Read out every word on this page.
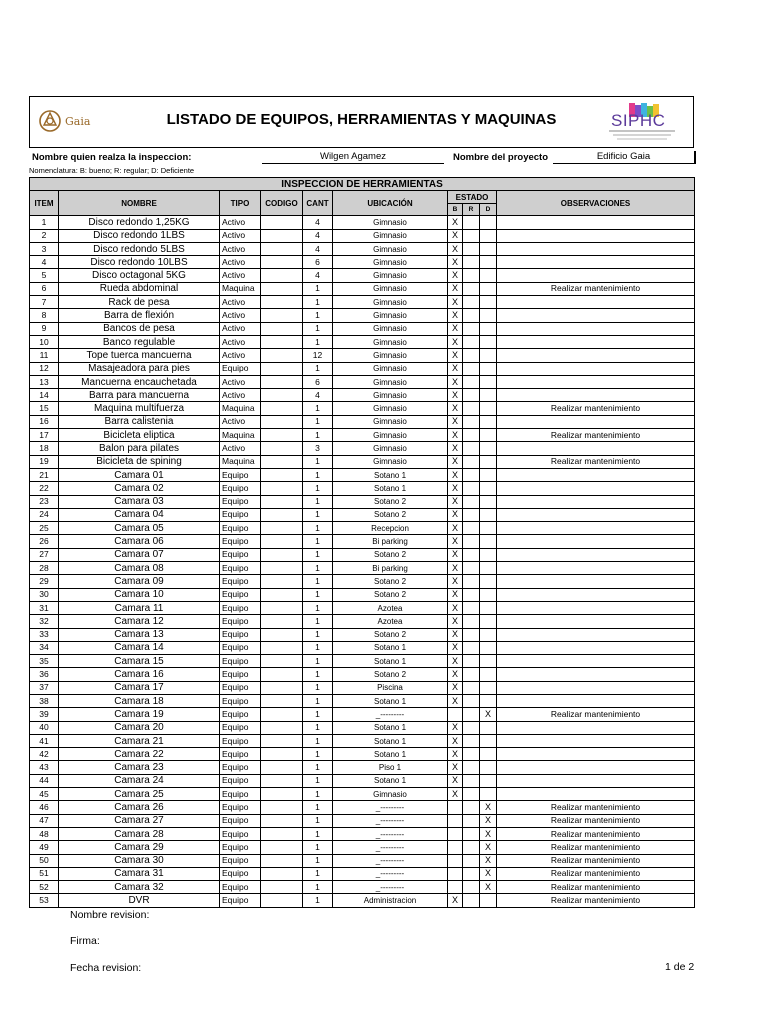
Gaia	LISTADO DE EQUIPOS, HERRAMIENTAS Y MAQUINAS	SIPHC
Nombre quien realza la inspeccion:	Wilgen Agamez	Nombre del proyecto	Edificio Gaia
Nomenclatura: B: bueno; R: regular; D: Deficiente
INSPECCION DE HERRAMIENTAS									
ITEM	NOMBRE	TIPO	CODIGO	CANT	UBICACIÓN	ESTADO			OBSERVACIONES
						B	R	D	
1	Disco redondo 1,25KG	Activo		4	Gimnasio	X			
2	Disco redondo 1LBS	Activo		4	Gimnasio	X			
3	Disco redondo 5LBS	Activo		4	Gimnasio	X			
4	Disco redondo 10LBS	Activo		6	Gimnasio	X			
5	Disco octagonal 5KG	Activo		4	Gimnasio	X			
6	Rueda abdominal	Maquina		1	Gimnasio	X			Realizar mantenimiento
7	Rack de pesa	Activo		1	Gimnasio	X			
8	Barra de flexión	Activo		1	Gimnasio	X			
9	Bancos de pesa	Activo		1	Gimnasio	X			
10	Banco regulable	Activo		1	Gimnasio	X			
11	Tope tuerca mancuerna	Activo		12	Gimnasio	X			
12	Masajeadora para pies	Equipo		1	Gimnasio	X			
13	Mancuerna encauchetada	Activo		6	Gimnasio	X			
14	Barra para mancuerna	Activo		4	Gimnasio	X			
15	Maquina multifuerza	Maquina		1	Gimnasio	X			Realizar mantenimiento
16	Barra calistenia	Activo		1	Gimnasio	X			
17	Bicicleta eliptica	Maquina		1	Gimnasio	X			Realizar mantenimiento
18	Balon para pilates	Activo		3	Gimnasio	X			
19	Bicicleta de spining	Maquina		1	Gimnasio	X			Realizar mantenimiento
21	Camara 01	Equipo		1	Sotano 1	X			
22	Camara 02	Equipo		1	Sotano 1	X			
23	Camara 03	Equipo		1	Sotano 2	X			
24	Camara 04	Equipo		1	Sotano 2	X			
25	Camara 05	Equipo		1	Recepcion	X			
26	Camara 06	Equipo		1	Bi parking	X			
27	Camara 07	Equipo		1	Sotano 2	X			
28	Camara 08	Equipo		1	Bi parking	X			
29	Camara 09	Equipo		1	Sotano 2	X			
30	Camara 10	Equipo		1	Sotano 2	X			
31	Camara 11	Equipo		1	Azotea	X			
32	Camara 12	Equipo		1	Azotea	X			
33	Camara 13	Equipo		1	Sotano 2	X			
34	Camara 14	Equipo		1	Sotano 1	X			
35	Camara 15	Equipo		1	Sotano 1	X			
36	Camara 16	Equipo		1	Sotano 2	X			
37	Camara 17	Equipo		1	Piscina	X			
38	Camara 18	Equipo		1	Sotano 1	X			
39	Camara 19	Equipo		1	_---------			X	Realizar mantenimiento
40	Camara 20	Equipo		1	Sotano 1	X			
41	Camara 21	Equipo		1	Sotano 1	X			
42	Camara 22	Equipo		1	Sotano 1	X			
43	Camara 23	Equipo		1	Piso 1	X			
44	Camara 24	Equipo		1	Sotano 1	X			
45	Camara 25	Equipo		1	Gimnasio	X			
46	Camara 26	Equipo		1	_---------			X	Realizar mantenimiento
47	Camara 27	Equipo		1	_---------			X	Realizar mantenimiento
48	Camara 28	Equipo		1	_---------			X	Realizar mantenimiento
49	Camara 29	Equipo		1	_---------			X	Realizar mantenimiento
50	Camara 30	Equipo		1	_---------			X	Realizar mantenimiento
51	Camara 31	Equipo		1	_---------			X	Realizar mantenimiento
52	Camara 32	Equipo		1	_---------			X	Realizar mantenimiento
53	DVR	Equipo		1	Administracion	X			Realizar mantenimiento
Nombre revision:
Firma:
Fecha revision:	1 de 2
